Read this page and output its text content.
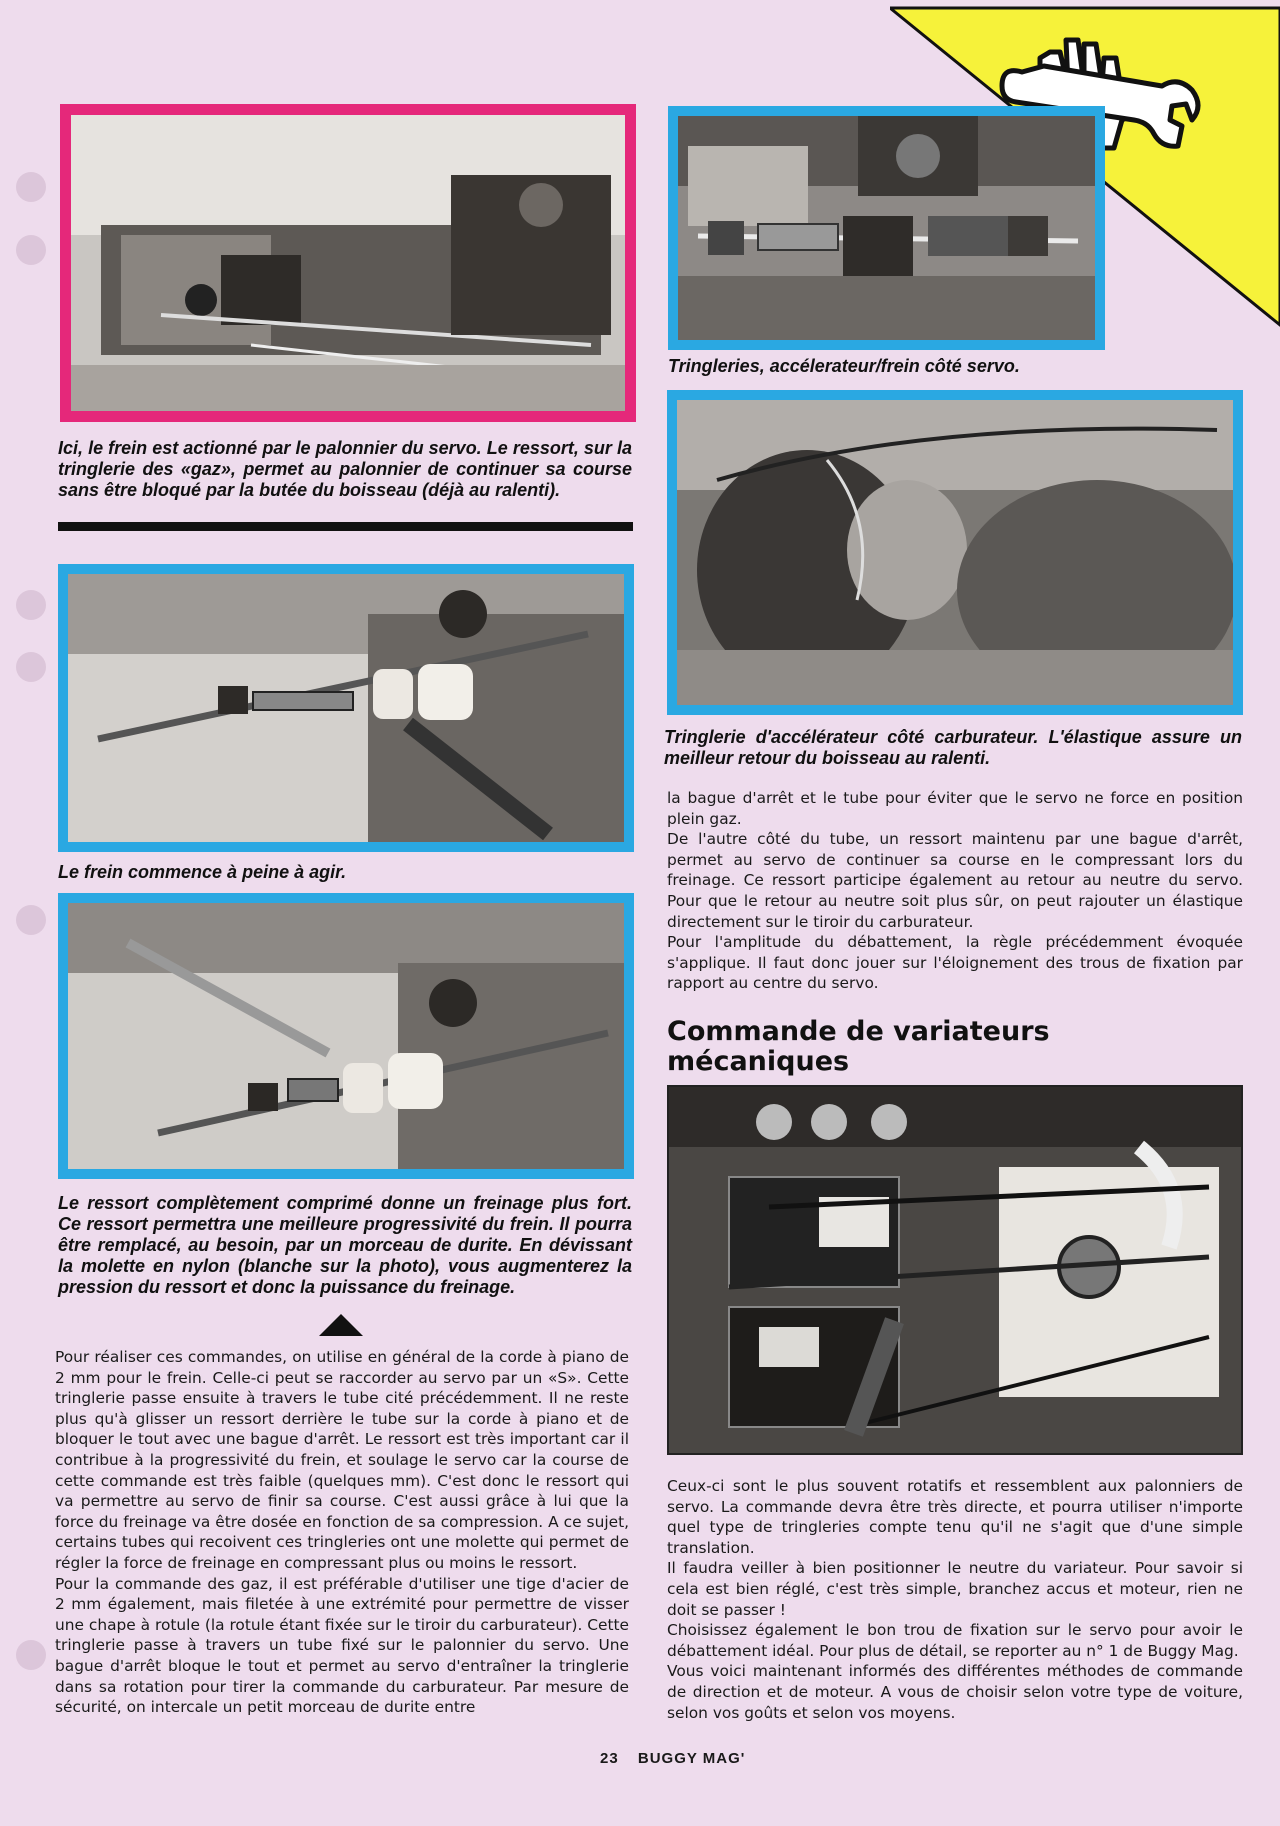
Ici, le frein est actionné par le palonnier du servo. Le ressort, sur la tringlerie des «gaz», permet au palonnier de continuer sa course sans être bloqué par la butée du boisseau (déjà au ralenti).
Tringleries, accélerateur/frein côté servo.
Tringlerie d'accélérateur côté carburateur. L'élastique assure un meilleur retour du boisseau au ralenti.
Le frein commence à peine à agir.
Le ressort complètement comprimé donne un freinage plus fort. Ce ressort permettra une meilleure progressivité du frein. Il pourra être remplacé, au besoin, par un morceau de durite. En dévissant la molette en nylon (blanche sur la photo), vous augmenterez la pression du ressort et donc la puissance du freinage.

Pour réaliser ces commandes, on utilise en général de la corde à piano de 2 mm pour le frein. Celle-ci peut se raccorder au servo par un «S». Cette tringlerie passe ensuite à travers le tube cité précédemment. Il ne reste plus qu'à glisser un ressort derrière le tube sur la corde à piano et de bloquer le tout avec une bague d'arrêt. Le ressort est très important car il contribue à la progressivité du frein, et soulage le servo car la course de cette commande est très faible (quelques mm). C'est donc le ressort qui va permettre au servo de finir sa course. C'est aussi grâce à lui que la force du freinage va être dosée en fonction de sa compression. A ce sujet, certains tubes qui recoivent ces tringleries ont une molette qui permet de régler la force de freinage en compressant plus ou moins le ressort.

Pour la commande des gaz, il est préférable d'utiliser une tige d'acier de 2 mm également, mais filetée à une extrémité pour permettre de visser une chape à rotule (la rotule étant fixée sur le tiroir du carburateur). Cette tringlerie passe à travers un tube fixé sur le palonnier du servo. Une bague d'arrêt bloque le tout et permet au servo d'entraîner la tringlerie dans sa rotation pour tirer la commande du carburateur. Par mesure de sécurité, on intercale un petit morceau de durite entre

la bague d'arrêt et le tube pour éviter que le servo ne force en position plein gaz.

De l'autre côté du tube, un ressort maintenu par une bague d'arrêt, permet au servo de continuer sa course en le compressant lors du freinage. Ce ressort participe également au retour au neutre du servo. Pour que le retour au neutre soit plus sûr, on peut rajouter un élastique directement sur le tiroir du carburateur.

Pour l'amplitude du débattement, la règle précédemment évoquée s'applique. Il faut donc jouer sur l'éloignement des trous de fixation par rapport au centre du servo.

Commande de variateurs mécaniques

Ceux-ci sont le plus souvent rotatifs et ressemblent aux palonniers de servo. La commande devra être très directe, et pourra utiliser n'importe quel type de tringleries compte tenu qu'il ne s'agit que d'une simple translation.

Il faudra veiller à bien positionner le neutre du variateur. Pour savoir si cela est bien réglé, c'est très simple, branchez accus et moteur, rien ne doit se passer !

Choisissez également le bon trou de fixation sur le servo pour avoir le débattement idéal. Pour plus de détail, se reporter au n° 1 de Buggy Mag.

Vous voici maintenant informés des différentes méthodes de commande de direction et de moteur. A vous de choisir selon votre type de voiture, selon vos goûts et selon vos moyens.

23 BUGGY MAG'
